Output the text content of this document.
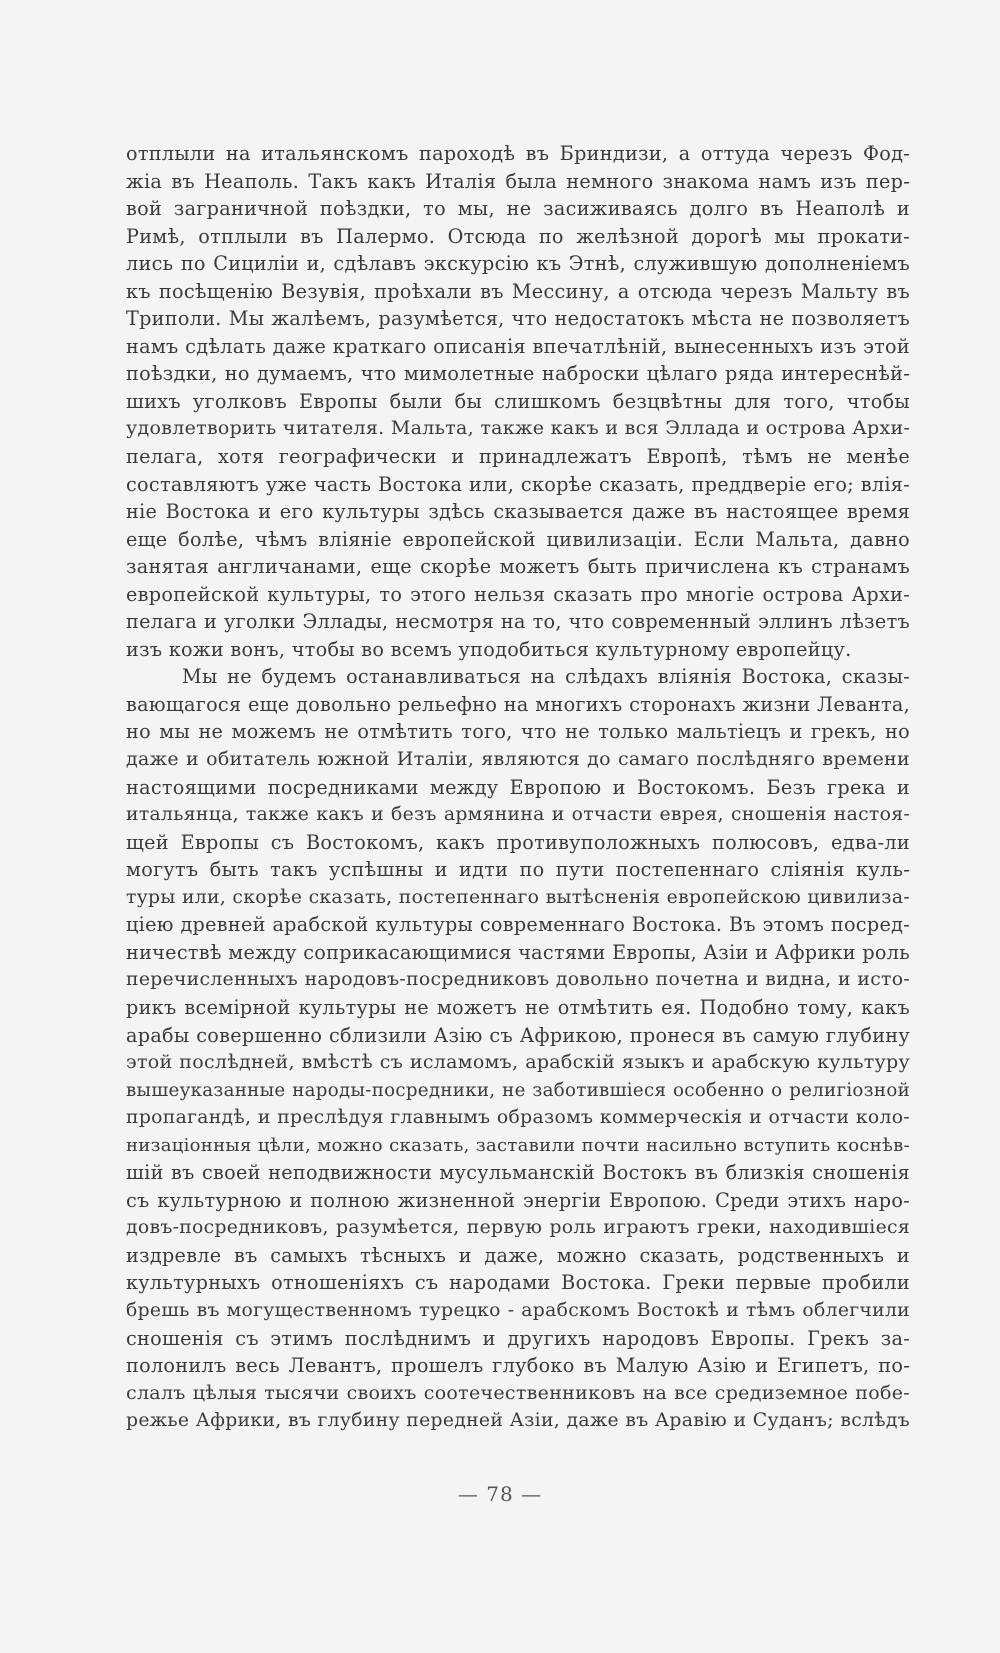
отплыли на итальянскомъ пароходѣ въ Бриндизи, а оттуда черезъ Фод-
жіа въ Неаполь. Такъ какъ Италія была немного знакома намъ изъ пер-
вой заграничной поѣздки, то мы, не засиживаясь долго въ Неаполѣ и
Римѣ, отплыли въ Палермо. Отсюда по желѣзной дорогѣ мы прокати-
лись по Сициліи и, сдѣлавъ экскурсію къ Этнѣ, служившую дополненіемъ
къ посѣщенію Везувія, проѣхали въ Мессину, а отсюда черезъ Мальту въ
Триполи. Мы жалѣемъ, разумѣется, что недостатокъ мѣста не позволяетъ
намъ сдѣлать даже краткаго описанія впечатлѣній, вынесенныхъ изъ этой
поѣздки, но думаемъ, что мимолетные наброски цѣлаго ряда интереснѣй-
шихъ уголковъ Европы были бы слишкомъ безцвѣтны для того, чтобы
удовлетворить читателя. Мальта, также какъ и вся Эллада и острова Архи-
пелага, хотя географически и принадлежатъ Европѣ, тѣмъ не менѣе
составляютъ уже часть Востока или, скорѣе сказать, преддверіе его; влія-
ніе Востока и его культуры здѣсь сказывается даже въ настоящее время
еще болѣе, чѣмъ вліяніе европейской цивилизаціи. Если Мальта, давно
занятая англичанами, еще скорѣе можетъ быть причислена къ странамъ
европейской культуры, то этого нельзя сказать про многіе острова Архи-
пелага и уголки Эллады, несмотря на то, что современный эллинъ лѣзетъ
изъ кожи вонъ, чтобы во всемъ уподобиться культурному европейцу.
Мы не будемъ останавливаться на слѣдахъ вліянія Востока, сказы-
вающагося еще довольно рельефно на многихъ сторонахъ жизни Леванта,
но мы не можемъ не отмѣтить того, что не только мальтіецъ и грекъ, но
даже и обитатель южной Италіи, являются до самаго послѣдняго времени
настоящими посредниками между Европою и Востокомъ. Безъ грека и
итальянца, также какъ и безъ армянина и отчасти еврея, сношенія настоя-
щей Европы съ Востокомъ, какъ противуположныхъ полюсовъ, едва-ли
могутъ быть такъ успѣшны и идти по пути постепеннаго сліянія куль-
туры или, скорѣе сказать, постепеннаго вытѣсненія европейскою цивилиза-
ціею древней арабской культуры современнаго Востока. Въ этомъ посред-
ничествѣ между соприкасающимися частями Европы, Азіи и Африки роль
перечисленныхъ народовъ-посредниковъ довольно почетна и видна, и исто-
рикъ всемірной культуры не можетъ не отмѣтить ея. Подобно тому, какъ
арабы совершенно сблизили Азію съ Африкою, пронеся въ самую глубину
этой послѣдней, вмѣстѣ съ исламомъ, арабскій языкъ и арабскую культуру
вышеуказанные народы-посредники, не заботившіеся особенно о религіозной
пропагандѣ, и преслѣдуя главнымъ образомъ коммерческія и отчасти коло-
низаціонныя цѣли, можно сказать, заставили почти насильно вступить коснѣв-
шій въ своей неподвижности мусульманскій Востокъ въ близкія сношенія
съ культурною и полною жизненной энергіи Европою. Среди этихъ наро-
довъ-посредниковъ, разумѣется, первую роль играютъ греки, находившіеся
издревле въ самыхъ тѣсныхъ и даже, можно сказать, родственныхъ и
культурныхъ отношеніяхъ съ народами Востока. Греки первые пробили
брешь въ могущественномъ турецко - арабскомъ Востокѣ и тѣмъ облегчили
сношенія съ этимъ послѣднимъ и другихъ народовъ Европы. Грекъ за-
полонилъ весь Левантъ, прошелъ глубоко въ Малую Азію и Египетъ, по-
слалъ цѣлыя тысячи своихъ соотечественниковъ на все средиземное побе-
режье Африки, въ глубину передней Азіи, даже въ Аравію и Суданъ; вслѣдъ
— 78 —
